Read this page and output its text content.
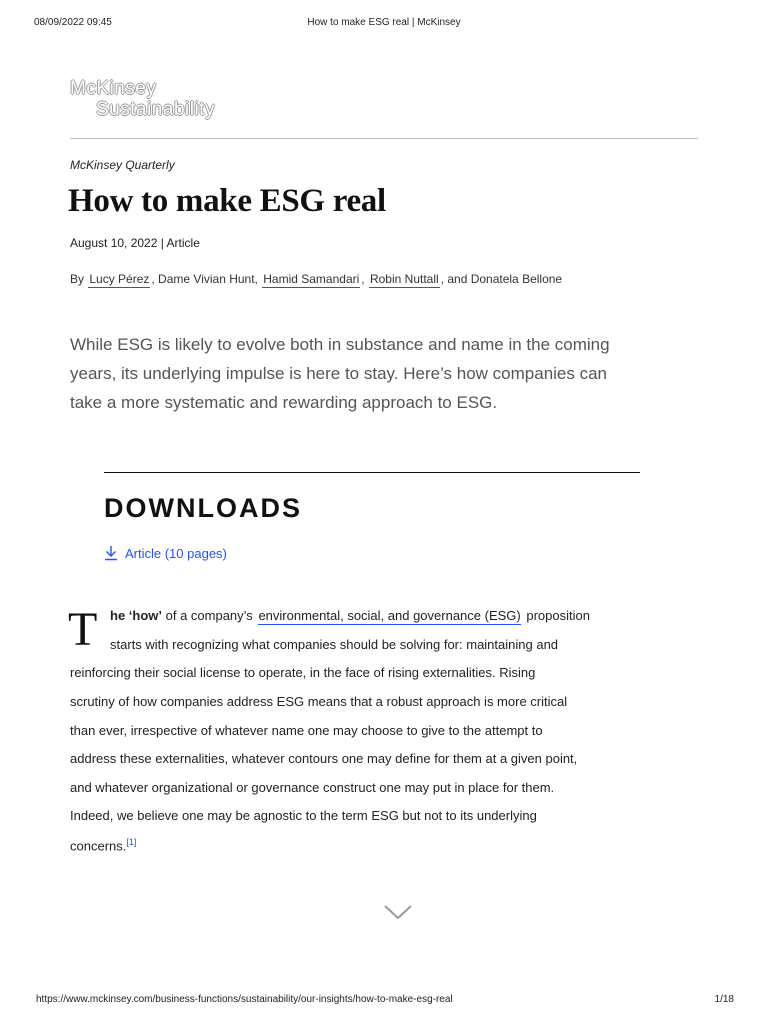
08/09/2022 09:45	How to make ESG real | McKinsey
McKinsey
Sustainability
McKinsey Quarterly
How to make ESG real
August 10, 2022 | Article
By Lucy Pérez , Dame Vivian Hunt, Hamid Samandari , Robin Nuttall , and Donatela Bellone

While ESG is likely to evolve both in substance and name in the coming years, its underlying impulse is here to stay. Here’s how companies can take a more systematic and rewarding approach to ESG.

DOWNLOADS
Article (10 pages)
T he ‘how’ of a company’s environmental, social, and governance (ESG) proposition
starts with recognizing what companies should be solving for: maintaining and
reinforcing their social license to operate, in the face of rising externalities. Rising
scrutiny of how companies address ESG means that a robust approach is more critical
than ever, irrespective of whatever name one may choose to give to the attempt to
address these externalities, whatever contours one may define for them at a given point,
and whatever organizational or governance construct one may put in place for them.
Indeed, we believe one may be agnostic to the term ESG but not to its underlying
concerns.[1]
https://www.mckinsey.com/business-functions/sustainability/our-insights/how-to-make-esg-real	1/18
